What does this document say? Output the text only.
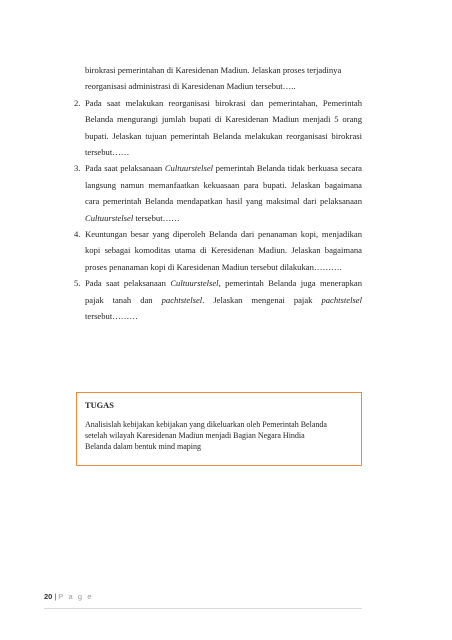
birokrasi pemerintahan di Karesidenan Madiun. Jelaskan proses terjadinya
reorganisasi administrasi di Karesidenan Madiun tersebut…..
2. Pada saat melakukan reorganisasi birokrasi dan pemerintahan, Pemerintah Belanda mengurangi jumlah bupati di Karesidenan Madiun menjadi 5 orang bupati. Jelaskan tujuan pemerintah Belanda melakukan reorganisasi birokrasi tersebut……
3. Pada saat pelaksanaan Cultuurstelsel pemerintah Belanda tidak berkuasa secara langsung namun memanfaatkan kekuasaan para bupati. Jelaskan bagaimana cara pemerintah Belanda mendapatkan hasil yang maksimal dari pelaksanaan Cultuurstelsel tersebut……
4. Keuntungan besar yang diperoleh Belanda dari penanaman kopi, menjadikan kopi sebagai komoditas utama di Keresidenan Madiun. Jelaskan bagaimana proses penanaman kopi di Karesidenan Madiun tersebut dilakukan……….
5. Pada saat pelaksanaan Cultuurstelsel, pemerintah Belanda juga menerapkan pajak tanah dan pachtstelsel. Jelaskan mengenai pajak pachtstelsel tersebut………
TUGAS
Analisislah kebijakan kebijakan yang dikeluarkan oleh Pemerintah Belanda
setelah wilayah Karesidenan Madiun menjadi Bagian Negara Hindia
Belanda dalam bentuk mind maping
20 | P a g e
